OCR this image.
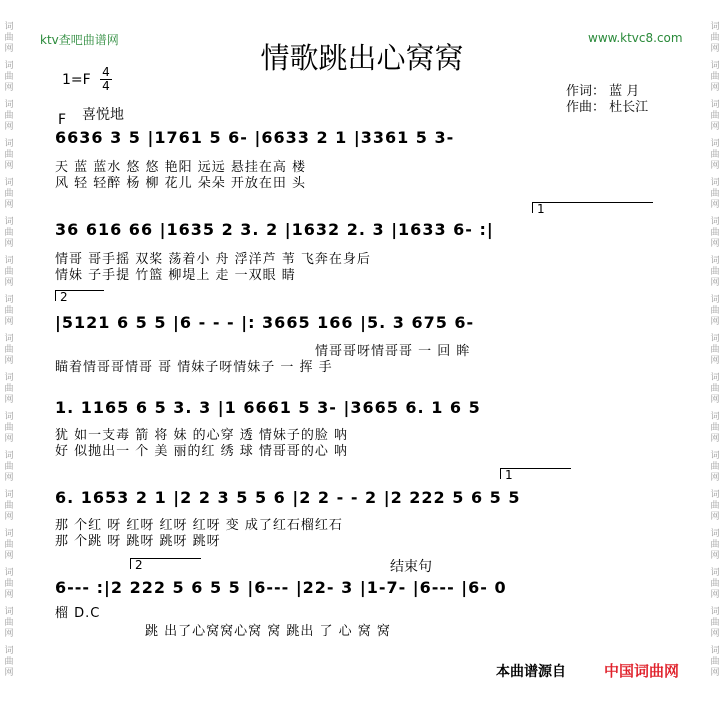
词
曲
网
词
曲
网
词
曲
网
词
曲
网
词
曲
网
词
曲
网
词
曲
网
词
曲
网
词
曲
网
词
曲
网
词
曲
网
词
曲
网
词
曲
网
词
曲
网
词
曲
网
词
曲
网
词
曲
网
词
曲
网
词
曲
网
词
曲
网
词
曲
网
词
曲
网
词
曲
网
词
曲
网
词
曲
网
词
曲
网
词
曲
网
词
曲
网
词
曲
网
词
曲
网
词
曲
网
词
曲
网
词
曲
网
词
曲
网
ktv查吧曲谱网	www.ktvc8.com
情歌跳出心窝窝
1=F 4
4	作词： 蓝 月
作曲： 杜长江
F 喜悦地
6636 3 5 |1761 5 6- |6633 2 1 |3361 5 3-
天 蓝 蓝水 悠 悠 艳阳 远远 悬挂在高 楼
风 轻 轻醉 杨 柳 花儿 朵朵 开放在田 头
1
36 616 66 |1635 2 3. 2 |1632 2. 3 |1633 6- :|
情哥 哥手摇 双桨 荡着小 舟 浮洋芦 苇 飞奔在身后
情妹 子手提 竹篮 柳堤上 走 一双眼 睛
2
|5121 6 5 5 |6 - - - |: 3665 166 |5. 3 675 6-
情哥哥呀情哥哥 一 回 眸
瞄着情哥哥情哥 哥 情妹子呀情妹子 一 挥 手
1. 1165 6 5 3. 3 |1 6661 5 3- |3665 6. 1 6 5
犹 如一支毒 箭 将 妹 的心穿 透 情妹子的脸 呐
好 似抛出一 个 美 丽的红 绣 球 情哥哥的心 呐
1
6. 1653 2 1 |2 2 3 5 5 6 |2 2 - - 2 |2 222 5 6 5 5
那 个红 呀 红呀 红呀 红呀 变 成了红石榴红石
那 个跳 呀 跳呀 跳呀 跳呀
2	结束句
6--- :|2 222 5 6 5 5 |6--- |22- 3 |1-7- |6--- |6- 0
榴 D.C
跳 出了心窝窝心窝 窝 跳出 了 心 窝 窝
本曲谱源自	中国词曲网
